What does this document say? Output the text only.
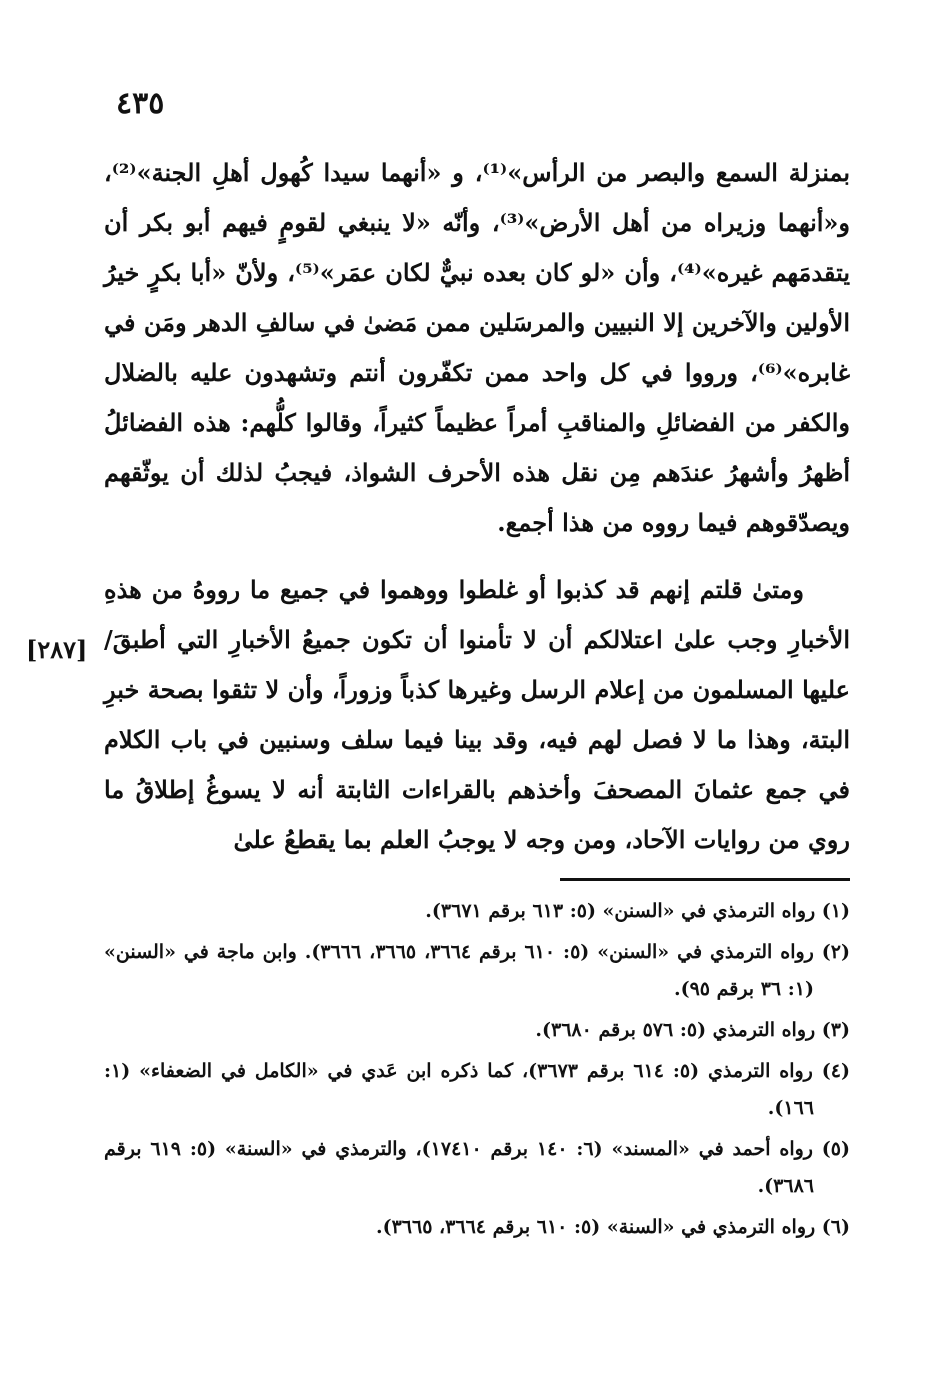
٤٣٥

بمنزلة السمع والبصر من الرأس»⁽¹⁾، و «أنهما سيدا كُهول أهلِ الجنة»⁽²⁾، و«أنهما وزيراه من أهل الأرض»⁽³⁾، وأنّه «لا ينبغي لقومٍ فيهم أبو بكر أن يتقدمَهم غيره»⁽⁴⁾، وأن «لو كان بعده نبيٌّ لكان عمَر»⁽⁵⁾، ولأنّ «أبا بكرٍ خيرُ الأولين والآخرين إلا النبيين والمرسَلين ممن مَضىٰ في سالفِ الدهر ومَن في غابره»⁽⁶⁾، ورووا في كل واحد ممن تكفّرون أنتم وتشهدون عليه بالضلال والكفر من الفضائلِ والمناقبِ أمراً عظيماً كثيراً، وقالوا كلُّهم: هذه الفضائلُ أظهرُ وأشهرُ عندَهم مِن نقل هذه الأحرف الشواذ، فيجبُ لذلك أن يوثّقهم ويصدّقوهم فيما رووه من هذا أجمع.

ومتىٰ قلتم إنهم قد كذبوا أو غلطوا ووهموا في جميع ما رووهُ من هذهِ الأخبارِ وجب علىٰ اعتلالكم أن لا تأمنوا أن تكون جميعُ الأخبارِ التي أطبقَ/ عليها المسلمون من إعلام الرسل وغيرها كذباً وزوراً، وأن لا تثقوا بصحة خبرِ البتة، وهذا ما لا فصل لهم فيه، وقد بينا فيما سلف وسنبين في باب الكلام في جمع عثمانَ المصحفَ وأخذهم بالقراءات الثابتة أنه لا يسوغُ إطلاقُ ما روي من روايات الآحاد، ومن وجه لا يوجبُ العلم بما يقطعُ علىٰ

[٢٨٧]

(١) رواه الترمذي في «السنن» (٥: ٦١٣ برقم ٣٦٧١).

(٢) رواه الترمذي في «السنن» (٥: ٦١٠ برقم ٣٦٦٤، ٣٦٦٥، ٣٦٦٦). وابن ماجة في «السنن» (١: ٣٦ برقم ٩٥).

(٣) رواه الترمذي (٥: ٥٧٦ برقم ٣٦٨٠).

(٤) رواه الترمذي (٥: ٦١٤ برقم ٣٦٧٣)، كما ذكره ابن عَدي في «الكامل في الضعفاء» (١: ١٦٦).

(٥) رواه أحمد في «المسند» (٦: ١٤٠ برقم ١٧٤١٠)، والترمذي في «السنة» (٥: ٦١٩ برقم ٣٦٨٦).

(٦) رواه الترمذي في «السنة» (٥: ٦١٠ برقم ٣٦٦٤، ٣٦٦٥).
